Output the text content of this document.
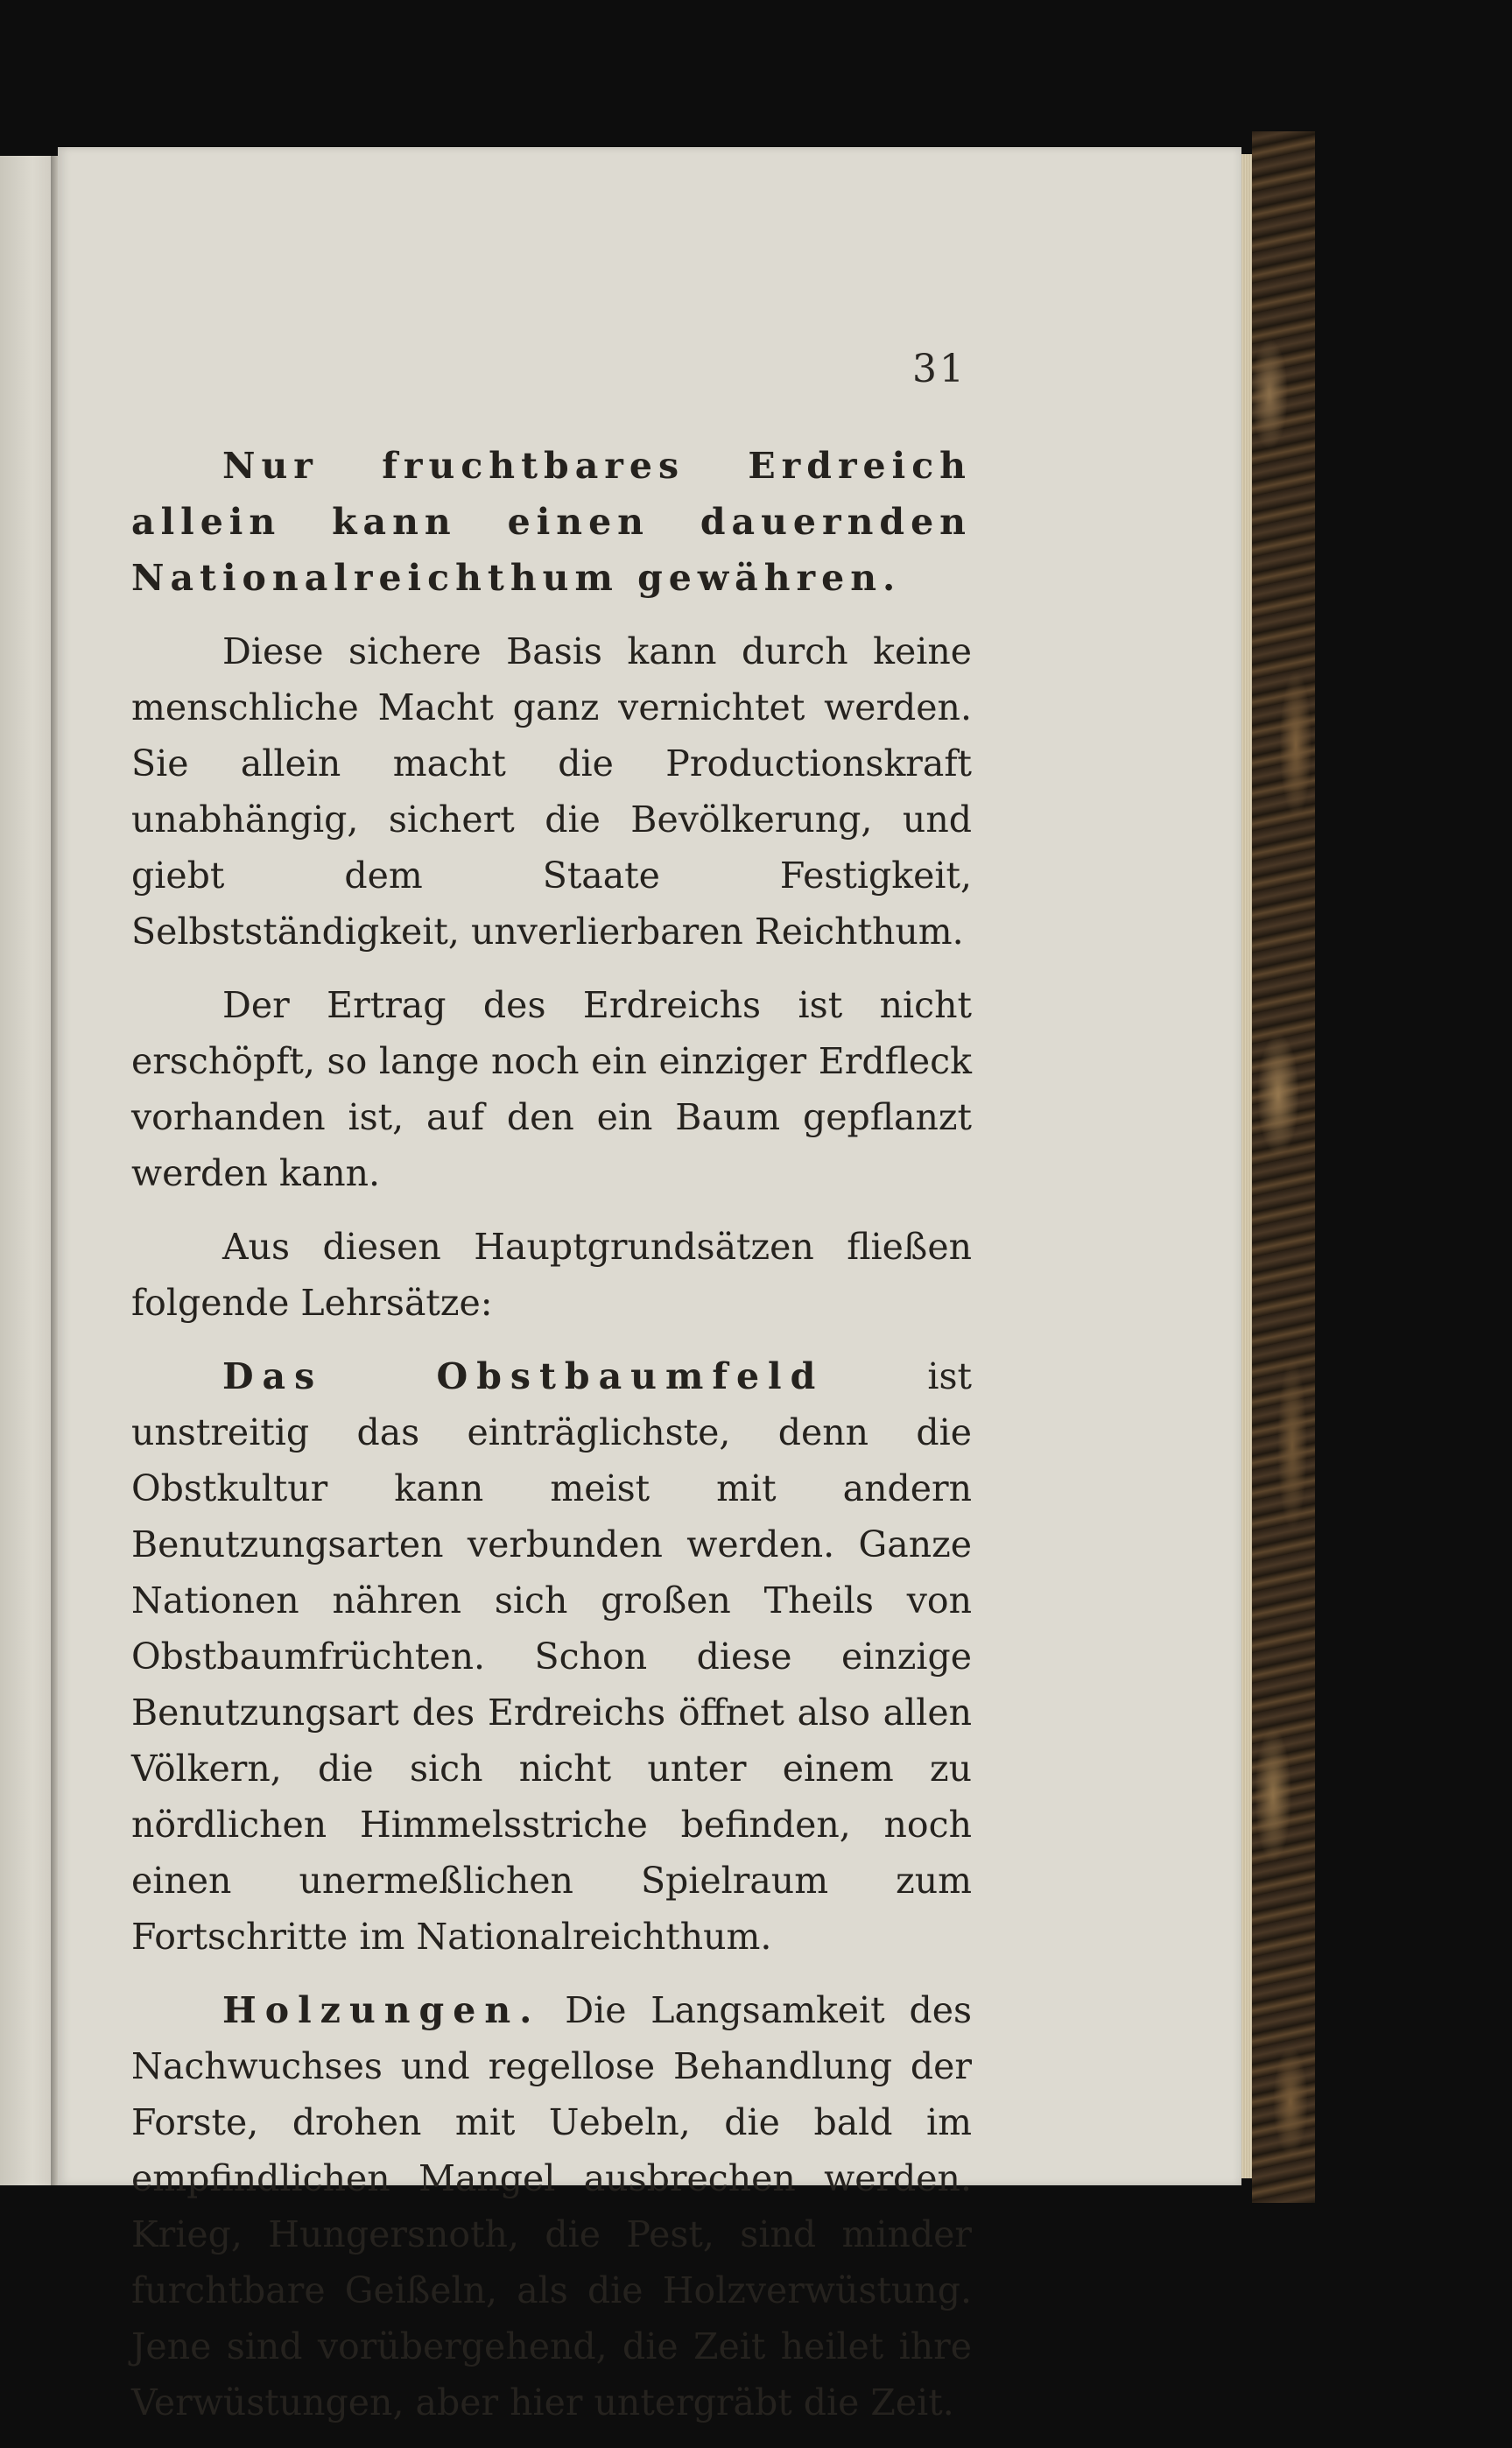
31

Nur fruchtbares Erdreich allein kann einen dauernden Nationalreichthum gewähren.

Diese sichere Basis kann durch keine menschliche Macht ganz vernichtet werden. Sie allein macht die Productionskraft unabhängig, sichert die Bevölkerung, und giebt dem Staate Festigkeit, Selbstständigkeit, unverlierbaren Reichthum.

Der Ertrag des Erdreichs ist nicht erschöpft, so lange noch ein einziger Erdfleck vorhanden ist, auf den ein Baum gepflanzt werden kann.

Aus diesen Hauptgrundsätzen fließen folgende Lehrsätze:

Das Obstbaumfeld	ist unstreitig das einträglichste, denn die Obstkultur kann meist mit andern Benutzungsarten verbunden werden. Ganze Nationen nähren sich großen Theils von Obstbaumfrüchten. Schon diese einzige Benutzungsart des Erdreichs öffnet also allen Völkern, die sich nicht unter einem zu nördlichen Himmelsstriche befinden, noch einen unermeßlichen Spielraum zum Fortschritte im Nationalreichthum.

Holzungen. Die Langsamkeit des Nachwuchses und regellose Behandlung der Forste, drohen mit Uebeln, die bald im empfindlichen Mangel ausbrechen werden. Krieg, Hungersnoth, die Pest, sind minder furchtbare Geißeln, als die Holzverwüstung. Jene sind vorübergehend, die Zeit heilet ihre Verwüstungen, aber hier untergräbt die Zeit.
